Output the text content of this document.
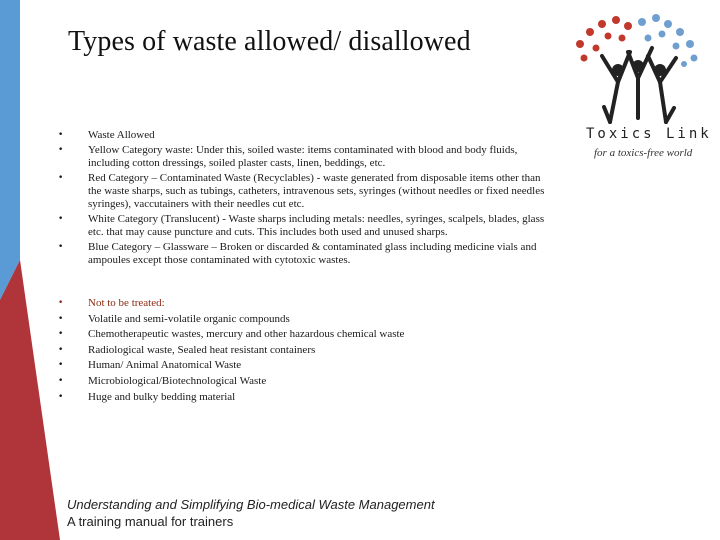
Types of waste allowed/ disallowed
Toxics Link
for a toxics-free world
• Waste Allowed
• Yellow Category waste: Under this, soiled waste: items contaminated with blood and body fluids, including cotton dressings, soiled plaster casts, linen, beddings, etc.
• Red Category – Contaminated Waste (Recyclables) - waste generated from disposable items other than the waste sharps, such as tubings, catheters, intravenous sets, syringes (without needles or fixed needles syringes), vaccutainers with their needles cut etc.
• White Category (Translucent) - Waste sharps including metals: needles, syringes, scalpels, blades, glass etc. that may cause puncture and cuts. This includes both used and unused sharps.
• Blue Category – Glassware – Broken or discarded & contaminated glass including medicine vials and ampoules except those contaminated with cytotoxic wastes.
• Not to be treated:
• Volatile and semi-volatile organic compounds
• Chemotherapeutic wastes, mercury and other hazardous chemical waste
• Radiological waste, Sealed heat resistant containers
• Human/ Animal Anatomical Waste
• Microbiological/Biotechnological Waste
• Huge and bulky bedding material
Understanding and Simplifying Bio-medical Waste Management
A training manual for trainers
